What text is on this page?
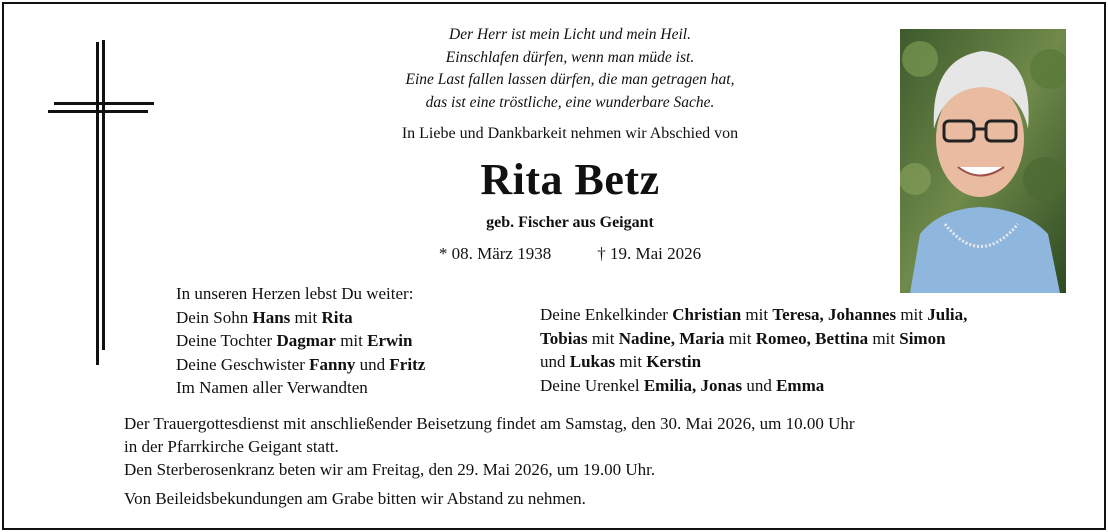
Der Herr ist mein Licht und mein Heil.
Einschlafen dürfen, wenn man müde ist.
Eine Last fallen lassen dürfen, die man getragen hat,
das ist eine tröstliche, eine wunderbare Sache.
In Liebe und Dankbarkeit nehmen wir Abschied von
Rita Betz
geb. Fischer aus Geigant
* 08. März 1938	† 19. Mai 2026
In unseren Herzen lebst Du weiter:
Dein Sohn Hans mit Rita
Deine Tochter Dagmar mit Erwin
Deine Geschwister Fanny und Fritz
Im Namen aller Verwandten
Deine Enkelkinder Christian mit Teresa, Johannes mit Julia,
Tobias mit Nadine, Maria mit Romeo, Bettina mit Simon
und Lukas mit Kerstin
Deine Urenkel Emilia, Jonas und Emma
Der Trauergottesdienst mit anschließender Beisetzung findet am Samstag, den 30. Mai 2026, um 10.00 Uhr
in der Pfarrkirche Geigant statt.
Den Sterberosenkranz beten wir am Freitag, den 29. Mai 2026, um 19.00 Uhr.
Von Beileidsbekundungen am Grabe bitten wir Abstand zu nehmen.
